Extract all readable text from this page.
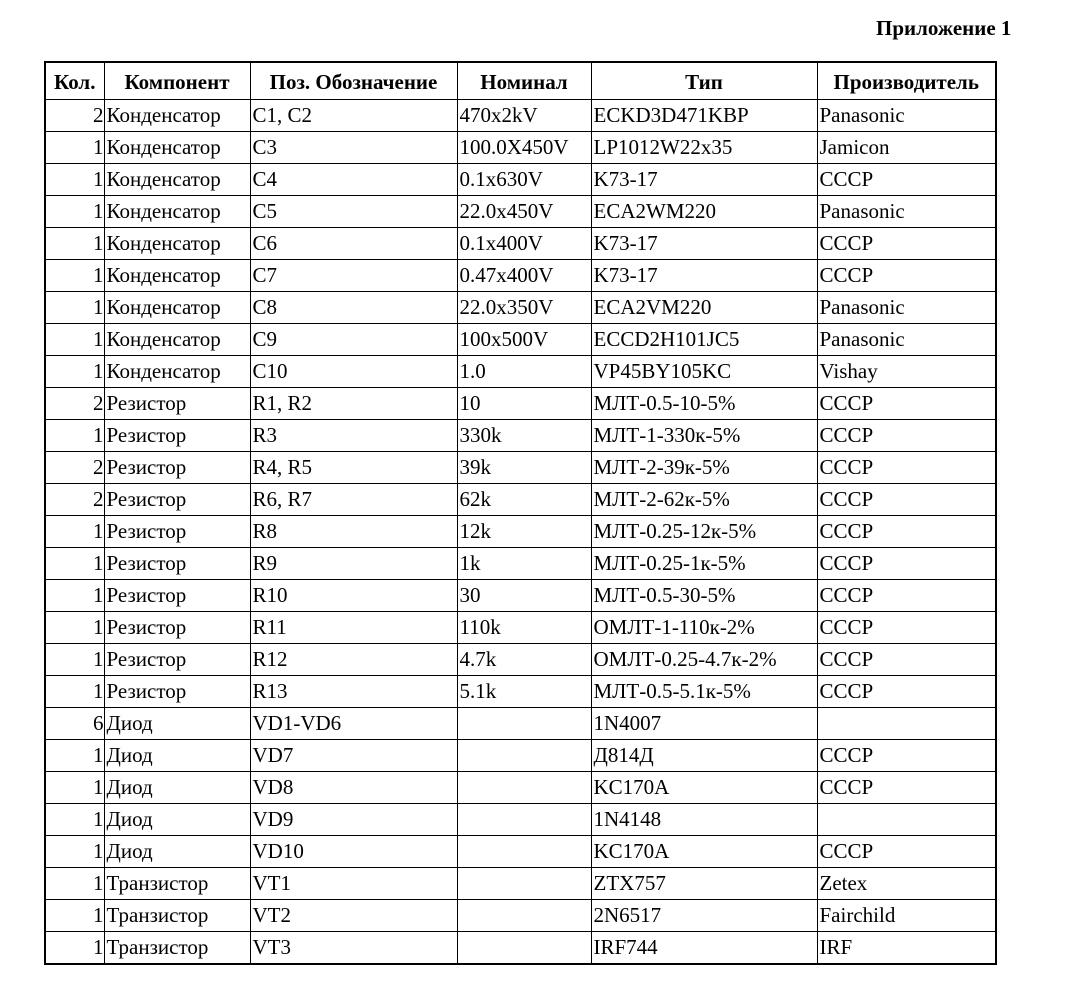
Приложение 1
Кол.	Компонент	Поз. Обозначение	Номинал	Тип	Производитель
2	Конденсатор	C1, C2	470x2kV	ECKD3D471KBP	Panasonic
1	Конденсатор	C3	100.0X450V	LP1012W22x35	Jamicon
1	Конденсатор	C4	0.1x630V	K73-17	CCCP
1	Конденсатор	C5	22.0x450V	ECA2WM220	Panasonic
1	Конденсатор	C6	0.1x400V	K73-17	CCCP
1	Конденсатор	C7	0.47x400V	K73-17	CCCP
1	Конденсатор	C8	22.0x350V	ECA2VM220	Panasonic
1	Конденсатор	C9	100x500V	ECCD2H101JC5	Panasonic
1	Конденсатор	C10	1.0	VP45BY105KC	Vishay
2	Резистор	R1, R2	10	МЛТ-0.5-10-5%	CCCP
1	Резистор	R3	330k	МЛТ-1-330к-5%	CCCP
2	Резистор	R4, R5	39k	МЛТ-2-39к-5%	CCCP
2	Резистор	R6, R7	62k	МЛТ-2-62к-5%	CCCP
1	Резистор	R8	12k	МЛТ-0.25-12к-5%	CCCP
1	Резистор	R9	1k	МЛТ-0.25-1к-5%	CCCP
1	Резистор	R10	30	МЛТ-0.5-30-5%	CCCP
1	Резистор	R11	110k	ОМЛТ-1-110к-2%	CCCP
1	Резистор	R12	4.7k	ОМЛТ-0.25-4.7к-2%	CCCP
1	Резистор	R13	5.1k	МЛТ-0.5-5.1к-5%	CCCP
6	Диод	VD1-VD6		1N4007	
1	Диод	VD7		Д814Д	CCCP
1	Диод	VD8		KC170A	CCCP
1	Диод	VD9		1N4148	
1	Диод	VD10		KC170A	CCCP
1	Транзистор	VT1		ZTX757	Zetex
1	Транзистор	VT2		2N6517	Fairchild
1	Транзистор	VT3		IRF744	IRF
